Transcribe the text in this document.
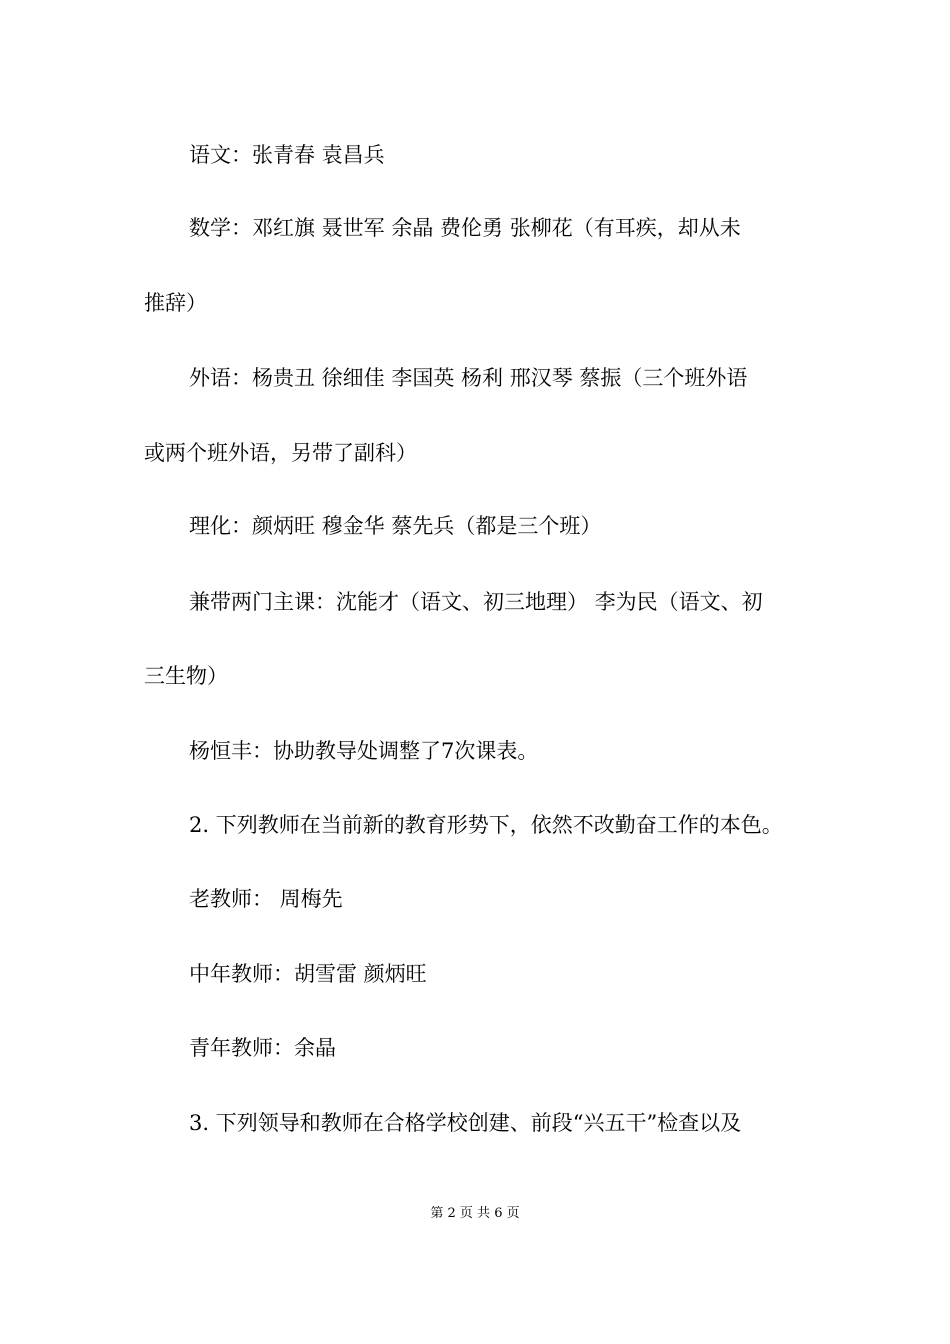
语文：张青春 袁昌兵
数学：邓红旗 聂世军 余晶 费伦勇 张柳花（有耳疾，却从未
推辞）
外语：杨贵丑 徐细佳 李国英 杨利 邢汉琴 蔡振（三个班外语
或两个班外语，另带了副科）
理化：颜炳旺 穆金华 蔡先兵（都是三个班）
兼带两门主课：沈能才（语文、初三地理） 李为民（语文、初
三生物）
杨恒丰：协助教导处调整了7次课表。
2. 下列教师在当前新的教育形势下，依然不改勤奋工作的本色。
老教师： 周梅先
中年教师：胡雪雷 颜炳旺
青年教师：余晶
3. 下列领导和教师在合格学校创建、前段“兴五干”检查以及
第 2 页 共 6 页
